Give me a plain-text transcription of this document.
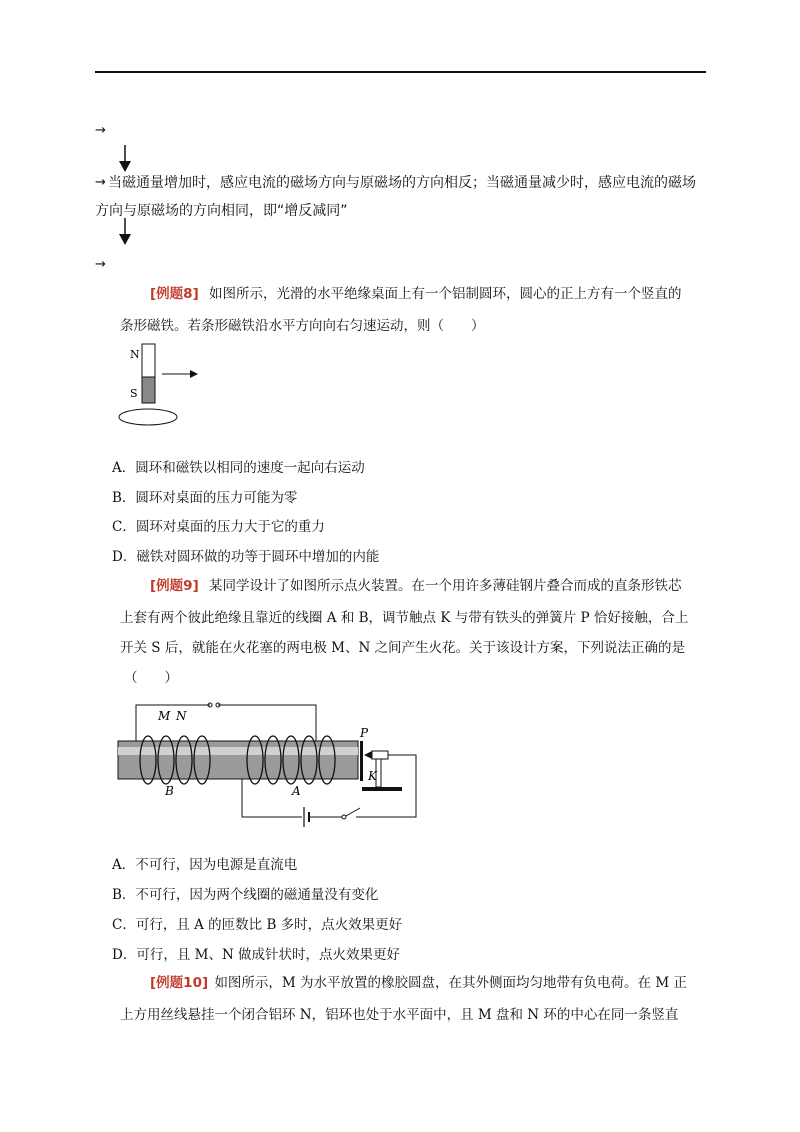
→
→ 当磁通量增加时，感应电流的磁场方向与原磁场的方向相反；当磁通量减少时，感应电流的磁场
方向与原磁场的方向相同，即“增反减同”
→
[例题8] 如图所示，光滑的水平绝缘桌面上有一个铝制圆环，圆心的正上方有一个竖直的
条形磁铁。若条形磁铁沿水平方向向右匀速运动，则（　　）
N
S
A．圆环和磁铁以相同的速度一起向右运动
B．圆环对桌面的压力可能为零
C．圆环对桌面的压力大于它的重力
D．磁铁对圆环做的功等于圆环中增加的内能
[例题9] 某同学设计了如图所示点火装置。在一个用许多薄硅钢片叠合而成的直条形铁芯
上套有两个彼此绝缘且靠近的线圈 A 和 B，调节触点 K 与带有铁头的弹簧片 P 恰好接触，合上
开关 S 后，就能在火花塞的两电极 M、N 之间产生火花。关于该设计方案，下列说法正确的是
（　　）
M N
B	A
P
K
A．不可行，因为电源是直流电
B．不可行，因为两个线圈的磁通量没有变化
C．可行，且 A 的匝数比 B 多时，点火效果更好
D．可行，且 M、N 做成针状时，点火效果更好
[例题10] 如图所示，M 为水平放置的橡胶圆盘，在其外侧面均匀地带有负电荷。在 M 正
上方用丝线悬挂一个闭合铝环 N，铝环也处于水平面中，且 M 盘和 N 环的中心在同一条竖直
